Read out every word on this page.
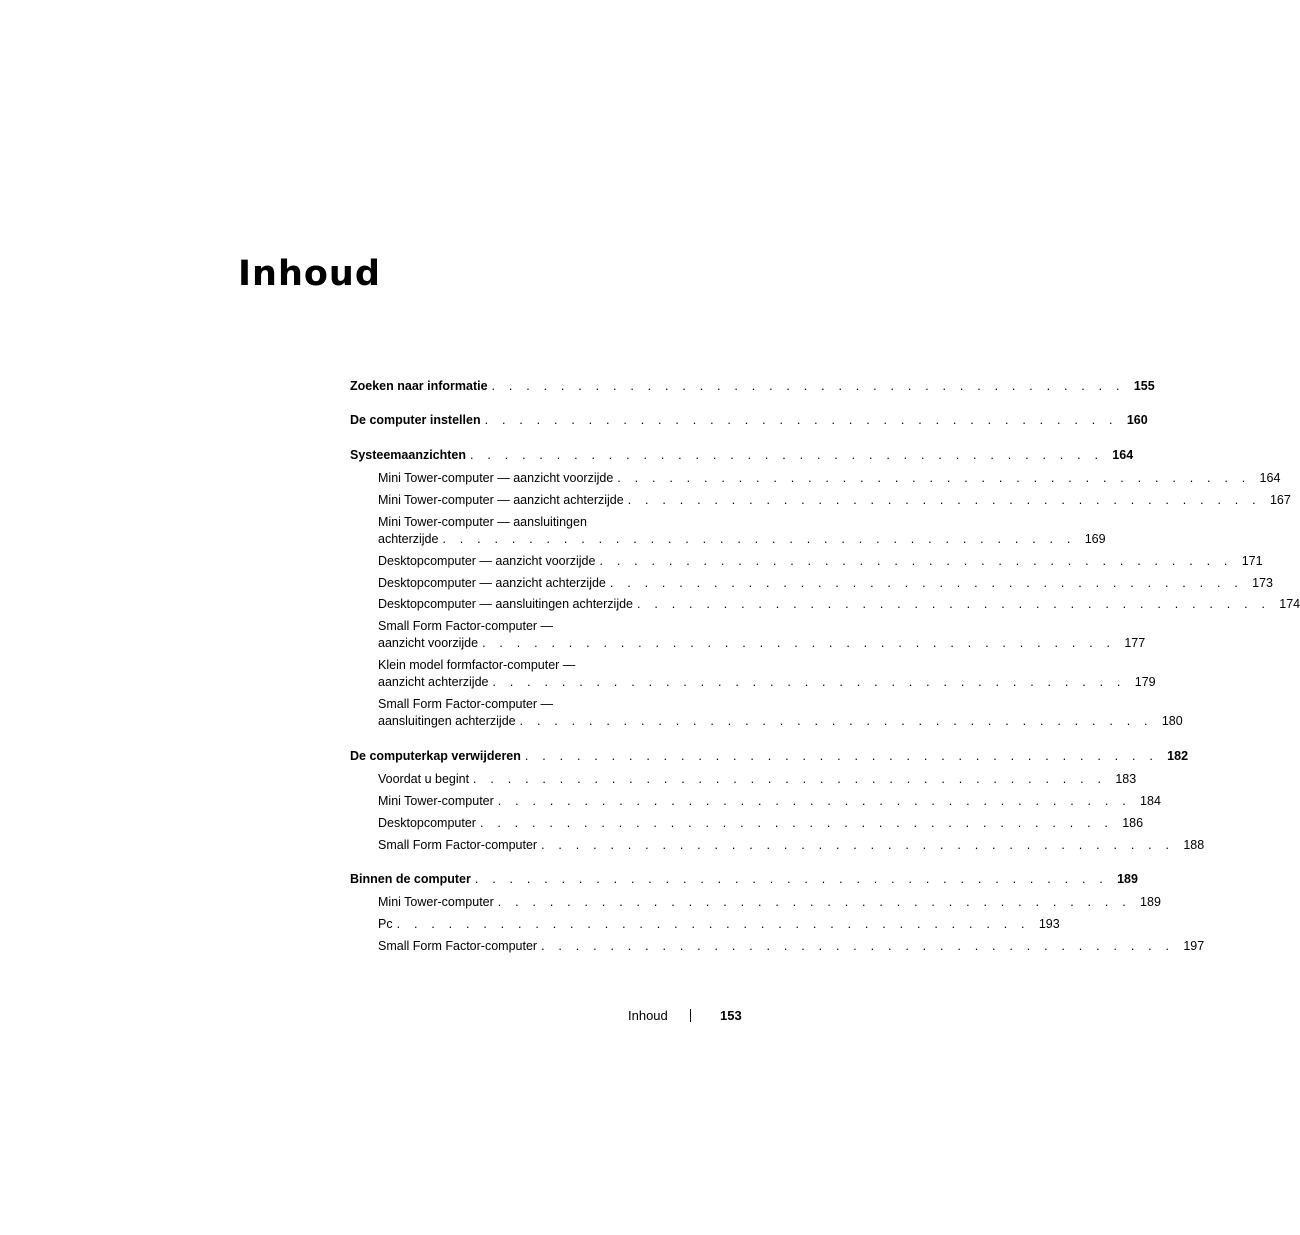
Inhoud
Zoeken naar informatie . . . . . . . . . . . . . . . . . . . . . . . . . . . . . . . . . . . . . 155
De computer instellen . . . . . . . . . . . . . . . . . . . . . . . . . . . . . . . . . . . . . 160
Systeemaanzichten . . . . . . . . . . . . . . . . . . . . . . . . . . . . . . . . . . . . . 164
Mini Tower-computer — aanzicht voorzijde . . . . . . . . . . . . . . . . . . . . . . . . . . . . . . . . . . . . . 164
Mini Tower-computer — aanzicht achterzijde . . . . . . . . . . . . . . . . . . . . . . . . . . . . . . . . . . . . . 167
Mini Tower-computer — aansluitingen
achterzijde . . . . . . . . . . . . . . . . . . . . . . . . . . . . . . . . . . . . . 169
Desktopcomputer — aanzicht voorzijde . . . . . . . . . . . . . . . . . . . . . . . . . . . . . . . . . . . . . 171
Desktopcomputer — aanzicht achterzijde . . . . . . . . . . . . . . . . . . . . . . . . . . . . . . . . . . . . . 173
Desktopcomputer — aansluitingen achterzijde . . . . . . . . . . . . . . . . . . . . . . . . . . . . . . . . . . . . . 174
Small Form Factor-computer —
aanzicht voorzijde . . . . . . . . . . . . . . . . . . . . . . . . . . . . . . . . . . . . . 177
Klein model formfactor-computer —
aanzicht achterzijde . . . . . . . . . . . . . . . . . . . . . . . . . . . . . . . . . . . . . 179
Small Form Factor-computer —
aansluitingen achterzijde . . . . . . . . . . . . . . . . . . . . . . . . . . . . . . . . . . . . . 180
De computerkap verwijderen . . . . . . . . . . . . . . . . . . . . . . . . . . . . . . . . . . . . . 182
Voordat u begint . . . . . . . . . . . . . . . . . . . . . . . . . . . . . . . . . . . . . 183
Mini Tower-computer . . . . . . . . . . . . . . . . . . . . . . . . . . . . . . . . . . . . . 184
Desktopcomputer . . . . . . . . . . . . . . . . . . . . . . . . . . . . . . . . . . . . . 186
Small Form Factor-computer . . . . . . . . . . . . . . . . . . . . . . . . . . . . . . . . . . . . . 188
Binnen de computer . . . . . . . . . . . . . . . . . . . . . . . . . . . . . . . . . . . . . 189
Mini Tower-computer . . . . . . . . . . . . . . . . . . . . . . . . . . . . . . . . . . . . . 189
Pc . . . . . . . . . . . . . . . . . . . . . . . . . . . . . . . . . . . . . 193
Small Form Factor-computer . . . . . . . . . . . . . . . . . . . . . . . . . . . . . . . . . . . . . 197
Inhoud	153
